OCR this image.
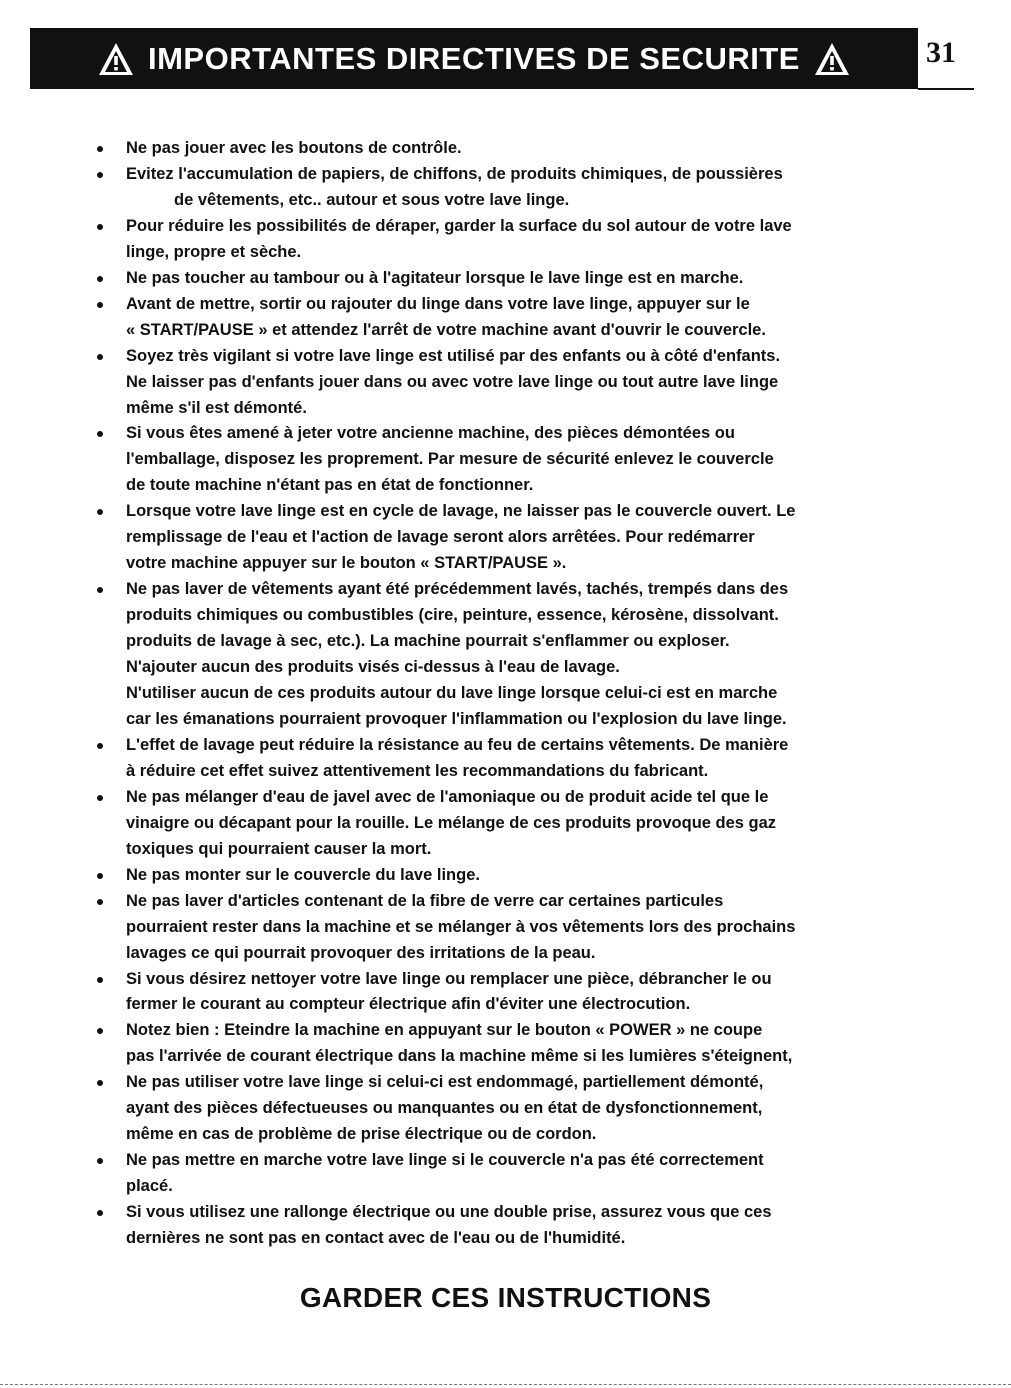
IMPORTANTES DIRECTIVES DE SECURITE	31
Ne pas jouer avec les boutons de contrôle.
Evitez l'accumulation de papiers, de chiffons, de produits chimiques, de poussières
de vêtements, etc.. autour et sous votre lave linge.
Pour réduire les possibilités de déraper, garder la surface du sol autour de votre lave
linge, propre et sèche.
Ne pas toucher au tambour ou à l'agitateur lorsque le lave linge est en marche.
Avant de mettre, sortir ou rajouter du linge dans votre lave linge, appuyer sur le
« START/PAUSE » et attendez l'arrêt de votre machine avant d'ouvrir le couvercle.
Soyez très vigilant si votre lave linge est utilisé par des enfants ou à côté d'enfants.
Ne laisser pas d'enfants jouer dans ou avec votre lave linge ou tout autre lave linge
même s'il est démonté.
Si vous êtes amené à jeter votre ancienne machine, des pièces démontées ou
l'emballage, disposez les proprement. Par mesure de sécurité enlevez le couvercle
de toute machine n'étant pas en état de fonctionner.
Lorsque votre lave linge est en cycle de lavage, ne laisser pas le couvercle ouvert. Le
remplissage de l'eau et l'action de lavage seront alors arrêtées. Pour redémarrer
votre machine appuyer sur le bouton « START/PAUSE ».
Ne pas laver de vêtements ayant été précédemment lavés, tachés, trempés dans des
produits chimiques ou combustibles (cire, peinture, essence, kérosène, dissolvant.
produits de lavage à sec, etc.). La machine pourrait s'enflammer ou exploser.
N'ajouter aucun des produits visés ci-dessus à l'eau de lavage.
N'utiliser aucun de ces produits autour du lave linge lorsque celui-ci est en marche
car les émanations pourraient provoquer l'inflammation ou l'explosion du lave linge.
L'effet de lavage peut réduire la résistance au feu de certains vêtements. De manière
à réduire cet effet suivez attentivement les recommandations du fabricant.
Ne pas mélanger d'eau de javel avec de l'amoniaque ou de produit acide tel que le
vinaigre ou décapant pour la rouille. Le mélange de ces produits provoque des gaz
toxiques qui pourraient causer la mort.
Ne pas monter sur le couvercle du lave linge.
Ne pas laver d'articles contenant de la fibre de verre car certaines particules
pourraient rester dans la machine et se mélanger à vos vêtements lors des prochains
lavages ce qui pourrait provoquer des irritations de la peau.
Si vous désirez nettoyer votre lave linge ou remplacer une pièce, débrancher le ou
fermer le courant au compteur électrique afin d'éviter une électrocution.
Notez bien : Eteindre la machine en appuyant sur le bouton « POWER » ne coupe
pas l'arrivée de courant électrique dans la machine même si les lumières s'éteignent,
Ne pas utiliser votre lave linge si celui-ci est endommagé, partiellement démonté,
ayant des pièces défectueuses ou manquantes ou en état de dysfonctionnement,
même en cas de problème de prise électrique ou de cordon.
Ne pas mettre en marche votre lave linge si le couvercle n'a pas été correctement
placé.
Si vous utilisez une rallonge électrique ou une double prise, assurez vous que ces
dernières ne sont pas en contact avec de l'eau ou de l'humidité.
GARDER CES INSTRUCTIONS
